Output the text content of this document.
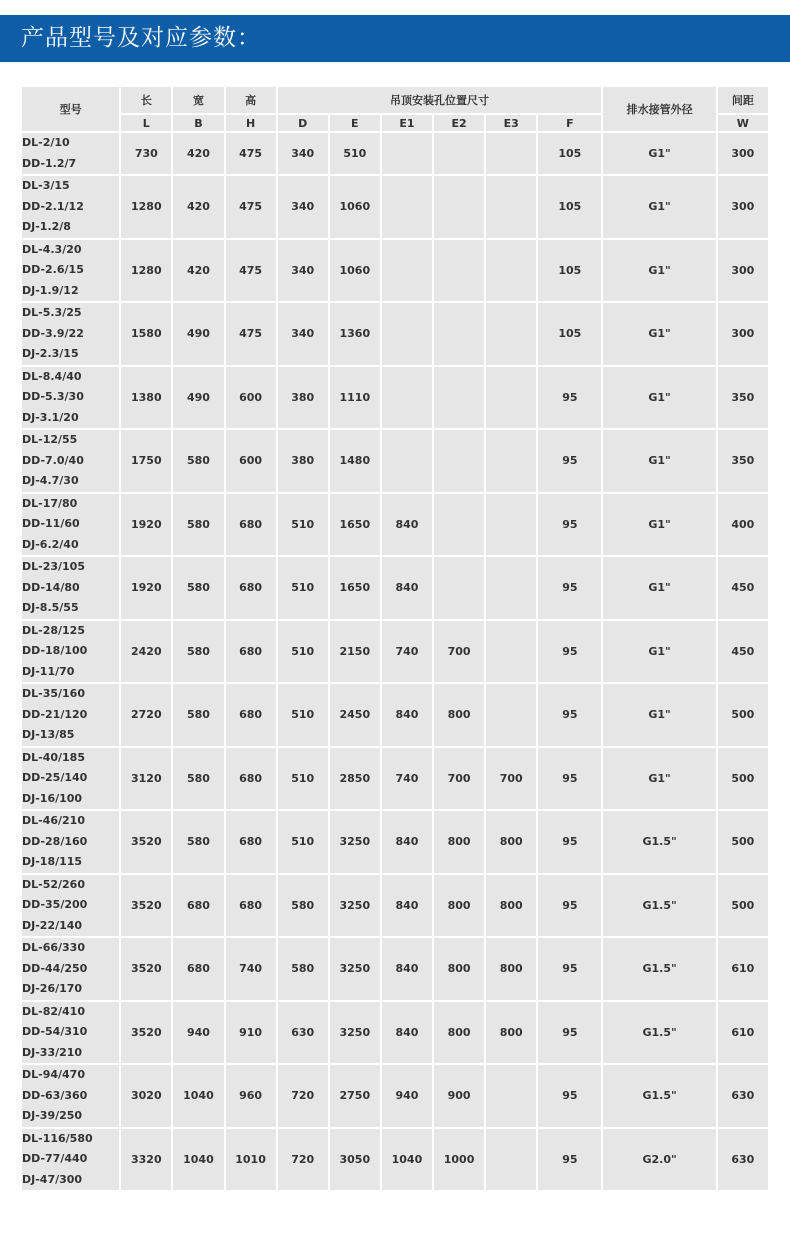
产品型号及对应参数：
型号	长	宽	高	吊顶安装孔位置尺寸						排水接管外径	间距
	L	B	H	D	E	E1	E2	E3	F		W

DL-2/10
DD-1.2/7	730	420	475	340	510				105	G1"	300

DL-3/15
DD-2.1/12
DJ-1.2/8	1280	420	475	340	1060				105	G1"	300

DL-4.3/20
DD-2.6/15
DJ-1.9/12	1280	420	475	340	1060				105	G1"	300

DL-5.3/25
DD-3.9/22
DJ-2.3/15	1580	490	475	340	1360				105	G1"	300

DL-8.4/40
DD-5.3/30
DJ-3.1/20	1380	490	600	380	1110				95	G1"	350

DL-12/55
DD-7.0/40
DJ-4.7/30	1750	580	600	380	1480				95	G1"	350

DL-17/80
DD-11/60
DJ-6.2/40	1920	580	680	510	1650	840			95	G1"	400

DL-23/105
DD-14/80
DJ-8.5/55	1920	580	680	510	1650	840			95	G1"	450

DL-28/125
DD-18/100
DJ-11/70	2420	580	680	510	2150	740	700		95	G1"	450

DL-35/160
DD-21/120
DJ-13/85	2720	580	680	510	2450	840	800		95	G1"	500

DL-40/185
DD-25/140
DJ-16/100	3120	580	680	510	2850	740	700	700	95	G1"	500

DL-46/210
DD-28/160
DJ-18/115	3520	580	680	510	3250	840	800	800	95	G1.5"	500

DL-52/260
DD-35/200
DJ-22/140	3520	680	680	580	3250	840	800	800	95	G1.5"	500

DL-66/330
DD-44/250
DJ-26/170	3520	680	740	580	3250	840	800	800	95	G1.5"	610

DL-82/410
DD-54/310
DJ-33/210	3520	940	910	630	3250	840	800	800	95	G1.5"	610

DL-94/470
DD-63/360
DJ-39/250	3020	1040	960	720	2750	940	900		95	G1.5"	630

DL-116/580
DD-77/440
DJ-47/300	3320	1040	1010	720	3050	1040	1000		95	G2.0"	630
